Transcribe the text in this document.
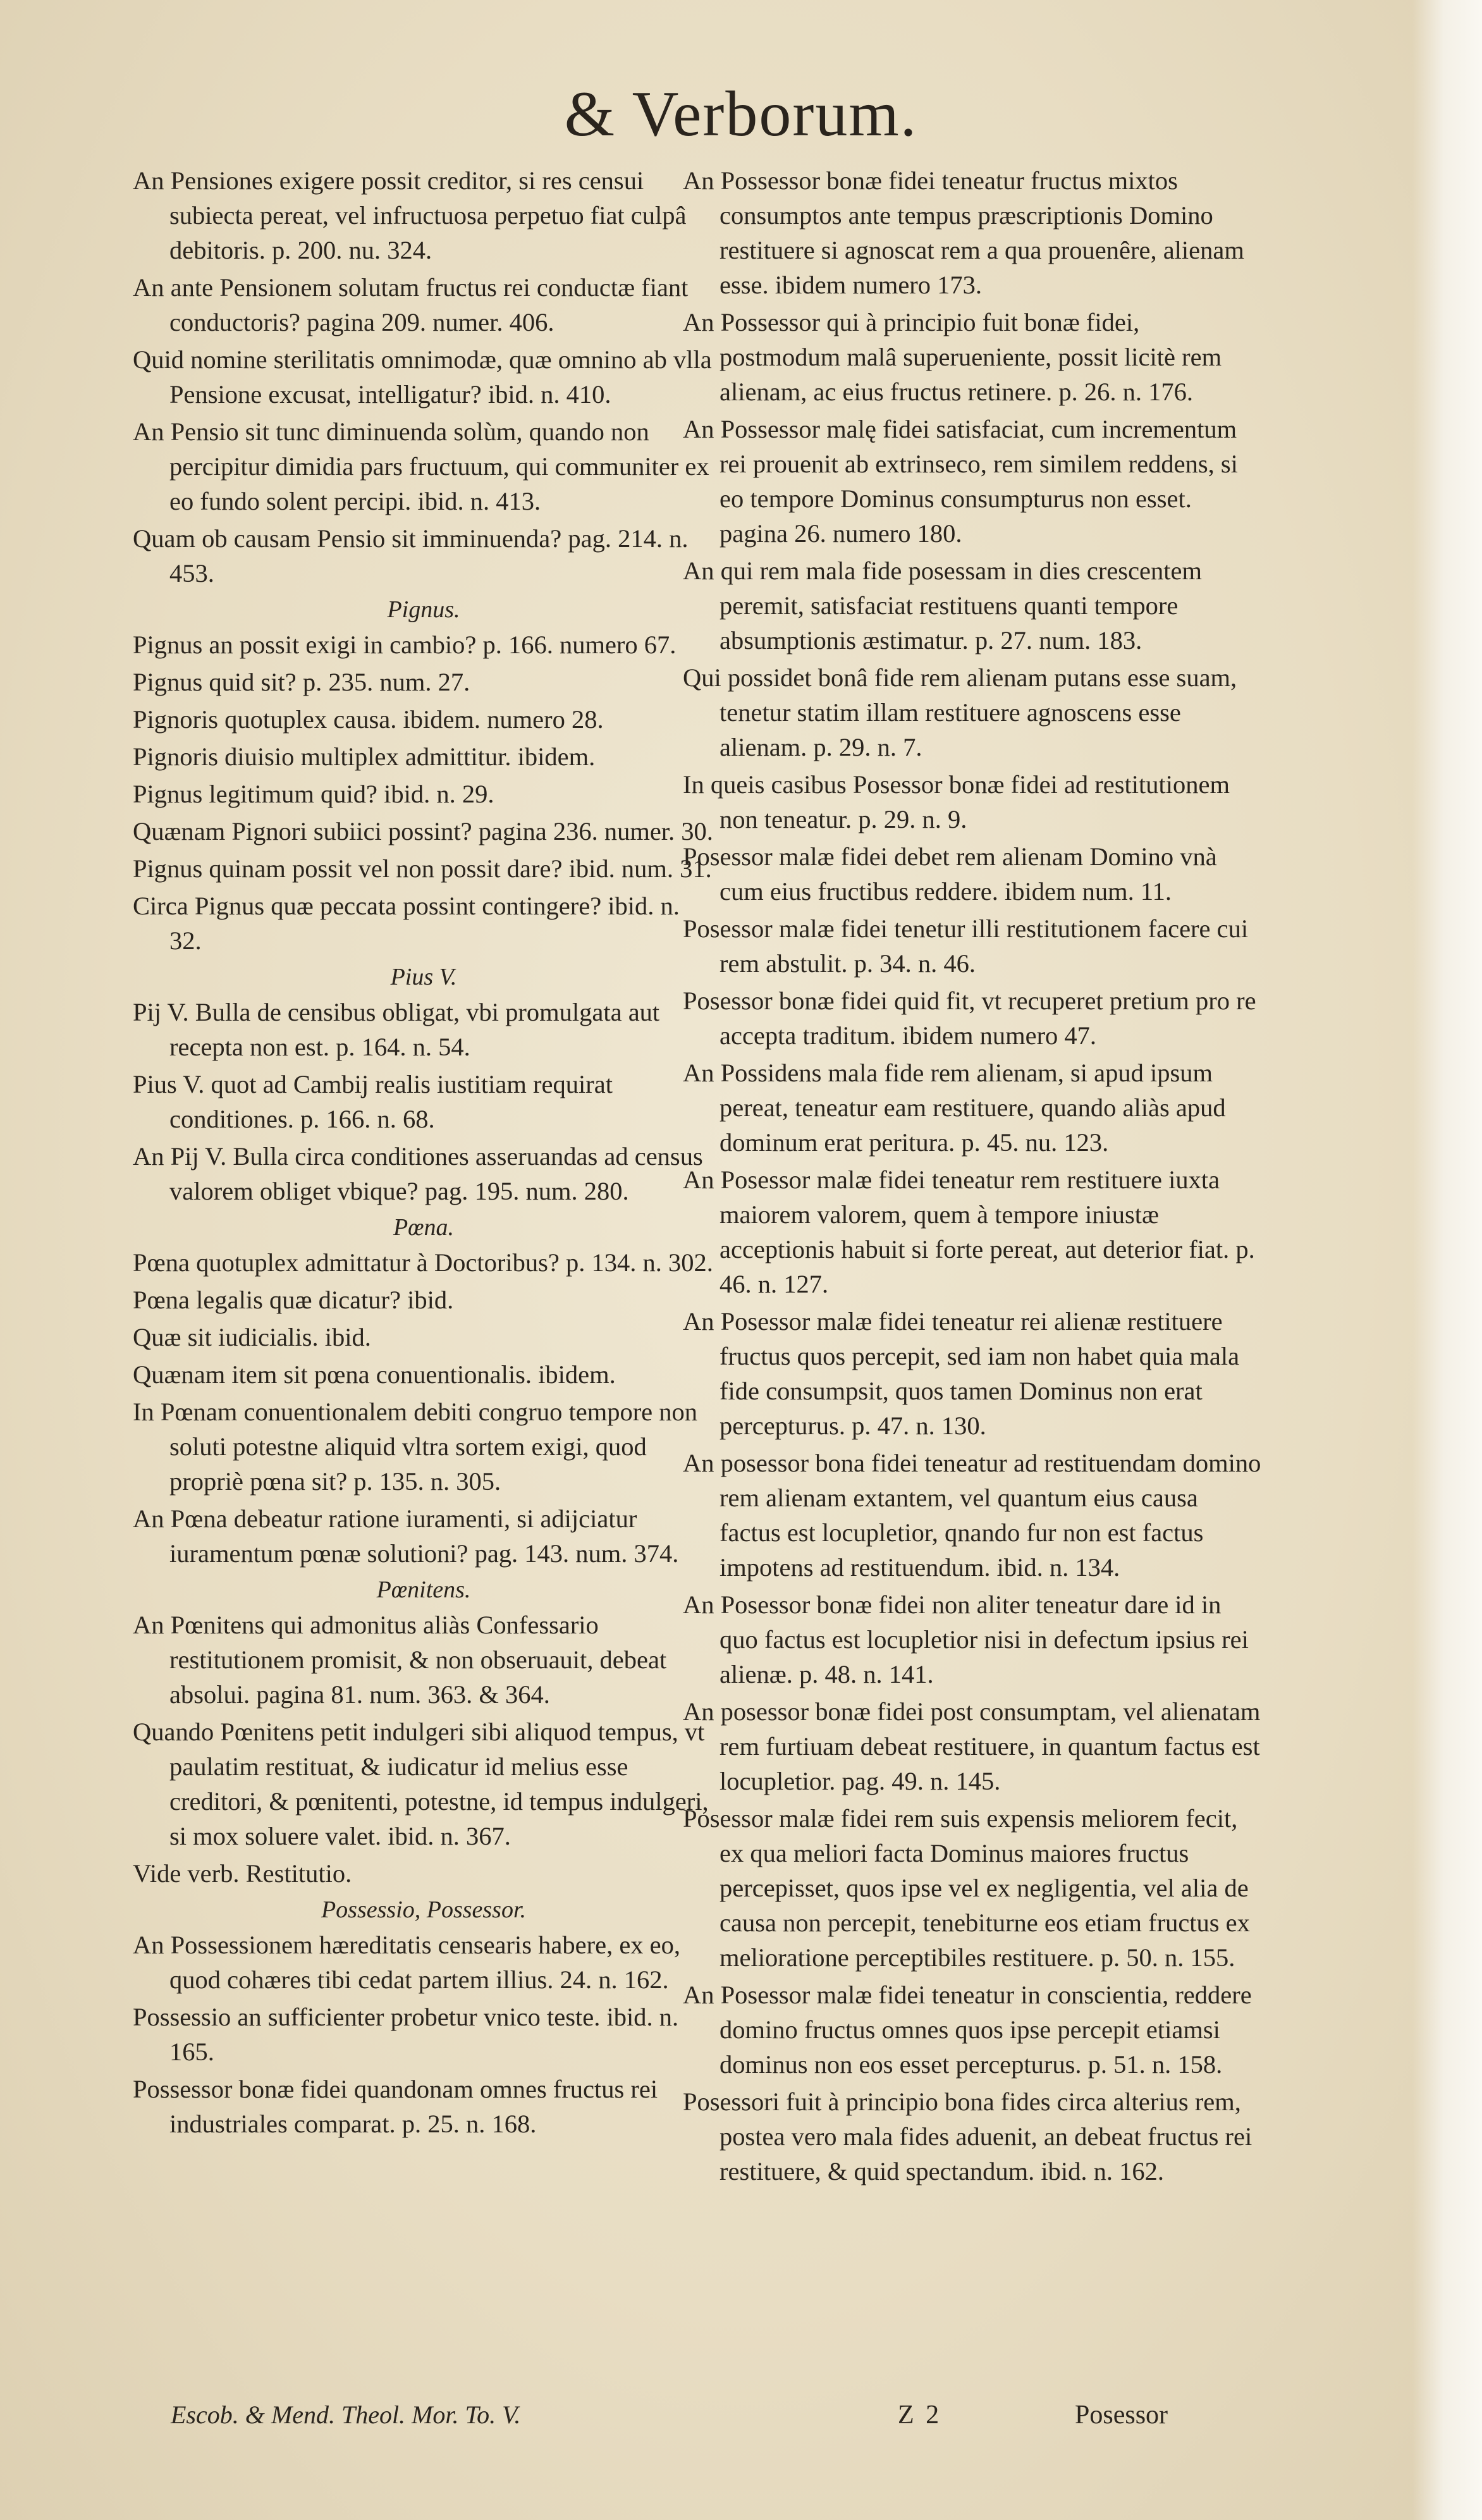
& Verborum.
An Pensiones exigere possit creditor, si res censui subiecta pereat, vel infructuosa perpetuo fiat culpâ debitoris. p. 200. nu. 324.
An ante Pensionem solutam fructus rei conductæ fiant conductoris? pagina 209. numer. 406.
Quid nomine sterilitatis omnimodæ, quæ omnino ab vlla Pensione excusat, intelligatur? ibid. n. 410.
An Pensio sit tunc diminuenda solùm, quando non percipitur dimidia pars fructuum, qui communiter ex eo fundo solent percipi. ibid. n. 413.
Quam ob causam Pensio sit imminuenda? pag. 214. n. 453.
Pignus.
Pignus an possit exigi in cambio? p. 166. numero 67.
Pignus quid sit? p. 235. num. 27.
Pignoris quotuplex causa. ibidem. numero 28.
Pignoris diuisio multiplex admittitur. ibidem.
Pignus legitimum quid? ibid. n. 29.
Quænam Pignori subiici possint? pagina 236. numer. 30.
Pignus quinam possit vel non possit dare? ibid. num. 31.
Circa Pignus quæ peccata possint contingere? ibid. n. 32.
Pius V.
Pij V. Bulla de censibus obligat, vbi promulgata aut recepta non est. p. 164. n. 54.
Pius V. quot ad Cambij realis iustitiam requirat conditiones. p. 166. n. 68.
An Pij V. Bulla circa conditiones asseruandas ad census valorem obliget vbique? pag. 195. num. 280.
Pœna.
Pœna quotuplex admittatur à Doctoribus? p. 134. n. 302.
Pœna legalis quæ dicatur? ibid.
Quæ sit iudicialis. ibid.
Quænam item sit pœna conuentionalis. ibidem.
In Pœnam conuentionalem debiti congruo tempore non soluti potestne aliquid vltra sortem exigi, quod propriè pœna sit? p. 135. n. 305.
An Pœna debeatur ratione iuramenti, si adijciatur iuramentum pœnæ solutioni? pag. 143. num. 374.
Pœnitens.
An Pœnitens qui admonitus aliàs Confessario restitutionem promisit, & non obseruauit, debeat absolui. pagina 81. num. 363. & 364.
Quando Pœnitens petit indulgeri sibi aliquod tempus, vt paulatim restituat, & iudicatur id melius esse creditori, & pœnitenti, potestne, id tempus indulgeri, si mox soluere valet. ibid. n. 367.
Vide verb. Restitutio.
Possessio, Possessor.
An Possessionem hæreditatis censearis habere, ex eo, quod cohæres tibi cedat partem illius. 24. n. 162.
Possessio an sufficienter probetur vnico teste. ibid. n. 165.
Possessor bonæ fidei quandonam omnes fructus rei industriales comparat. p. 25. n. 168.
An Possessor bonæ fidei teneatur fructus mixtos consumptos ante tempus præscriptionis Domino restituere si agnoscat rem a qua prouenêre, alienam esse. ibidem numero 173.
An Possessor qui à principio fuit bonæ fidei, postmodum malâ superueniente, possit licitè rem alienam, ac eius fructus retinere. p. 26. n. 176.
An Possessor malę fidei satisfaciat, cum incrementum rei prouenit ab extrinseco, rem similem reddens, si eo tempore Dominus consumpturus non esset. pagina 26. numero 180.
An qui rem mala fide posessam in dies crescentem peremit, satisfaciat restituens quanti tempore absumptionis æstimatur. p. 27. num. 183.
Qui possidet bonâ fide rem alienam putans esse suam, tenetur statim illam restituere agnoscens esse alienam. p. 29. n. 7.
In queis casibus Posessor bonæ fidei ad restitutionem non teneatur. p. 29. n. 9.
Posessor malæ fidei debet rem alienam Domino vnà cum eius fructibus reddere. ibidem num. 11.
Posessor malæ fidei tenetur illi restitutionem facere cui rem abstulit. p. 34. n. 46.
Posessor bonæ fidei quid fit, vt recuperet pretium pro re accepta traditum. ibidem numero 47.
An Possidens mala fide rem alienam, si apud ipsum pereat, teneatur eam restituere, quando aliàs apud dominum erat peritura. p. 45. nu. 123.
An Posessor malæ fidei teneatur rem restituere iuxta maiorem valorem, quem à tempore iniustæ acceptionis habuit si forte pereat, aut deterior fiat. p. 46. n. 127.
An Posessor malæ fidei teneatur rei alienæ restituere fructus quos percepit, sed iam non habet quia mala fide consumpsit, quos tamen Dominus non erat percepturus. p. 47. n. 130.
An posessor bona fidei teneatur ad restituendam domino rem alienam extantem, vel quantum eius causa factus est locupletior, qnando fur non est factus impotens ad restituendum. ibid. n. 134.
An Posessor bonæ fidei non aliter teneatur dare id in quo factus est locupletior nisi in defectum ipsius rei alienæ. p. 48. n. 141.
An posessor bonæ fidei post consumptam, vel alienatam rem furtiuam debeat restituere, in quantum factus est locupletior. pag. 49. n. 145.
Posessor malæ fidei rem suis expensis meliorem fecit, ex qua meliori facta Dominus maiores fructus percepisset, quos ipse vel ex negligentia, vel alia de causa non percepit, tenebiturne eos etiam fructus ex melioratione perceptibiles restituere. p. 50. n. 155.
An Posessor malæ fidei teneatur in conscientia, reddere domino fructus omnes quos ipse percepit etiamsi dominus non eos esset percepturus. p. 51. n. 158.
Posessori fuit à principio bona fides circa alterius rem, postea vero mala fides aduenit, an debeat fructus rei restituere, & quid spectandum. ibid. n. 162.
Escob. & Mend. Theol. Mor. To. V.	Z 2	Posessor
